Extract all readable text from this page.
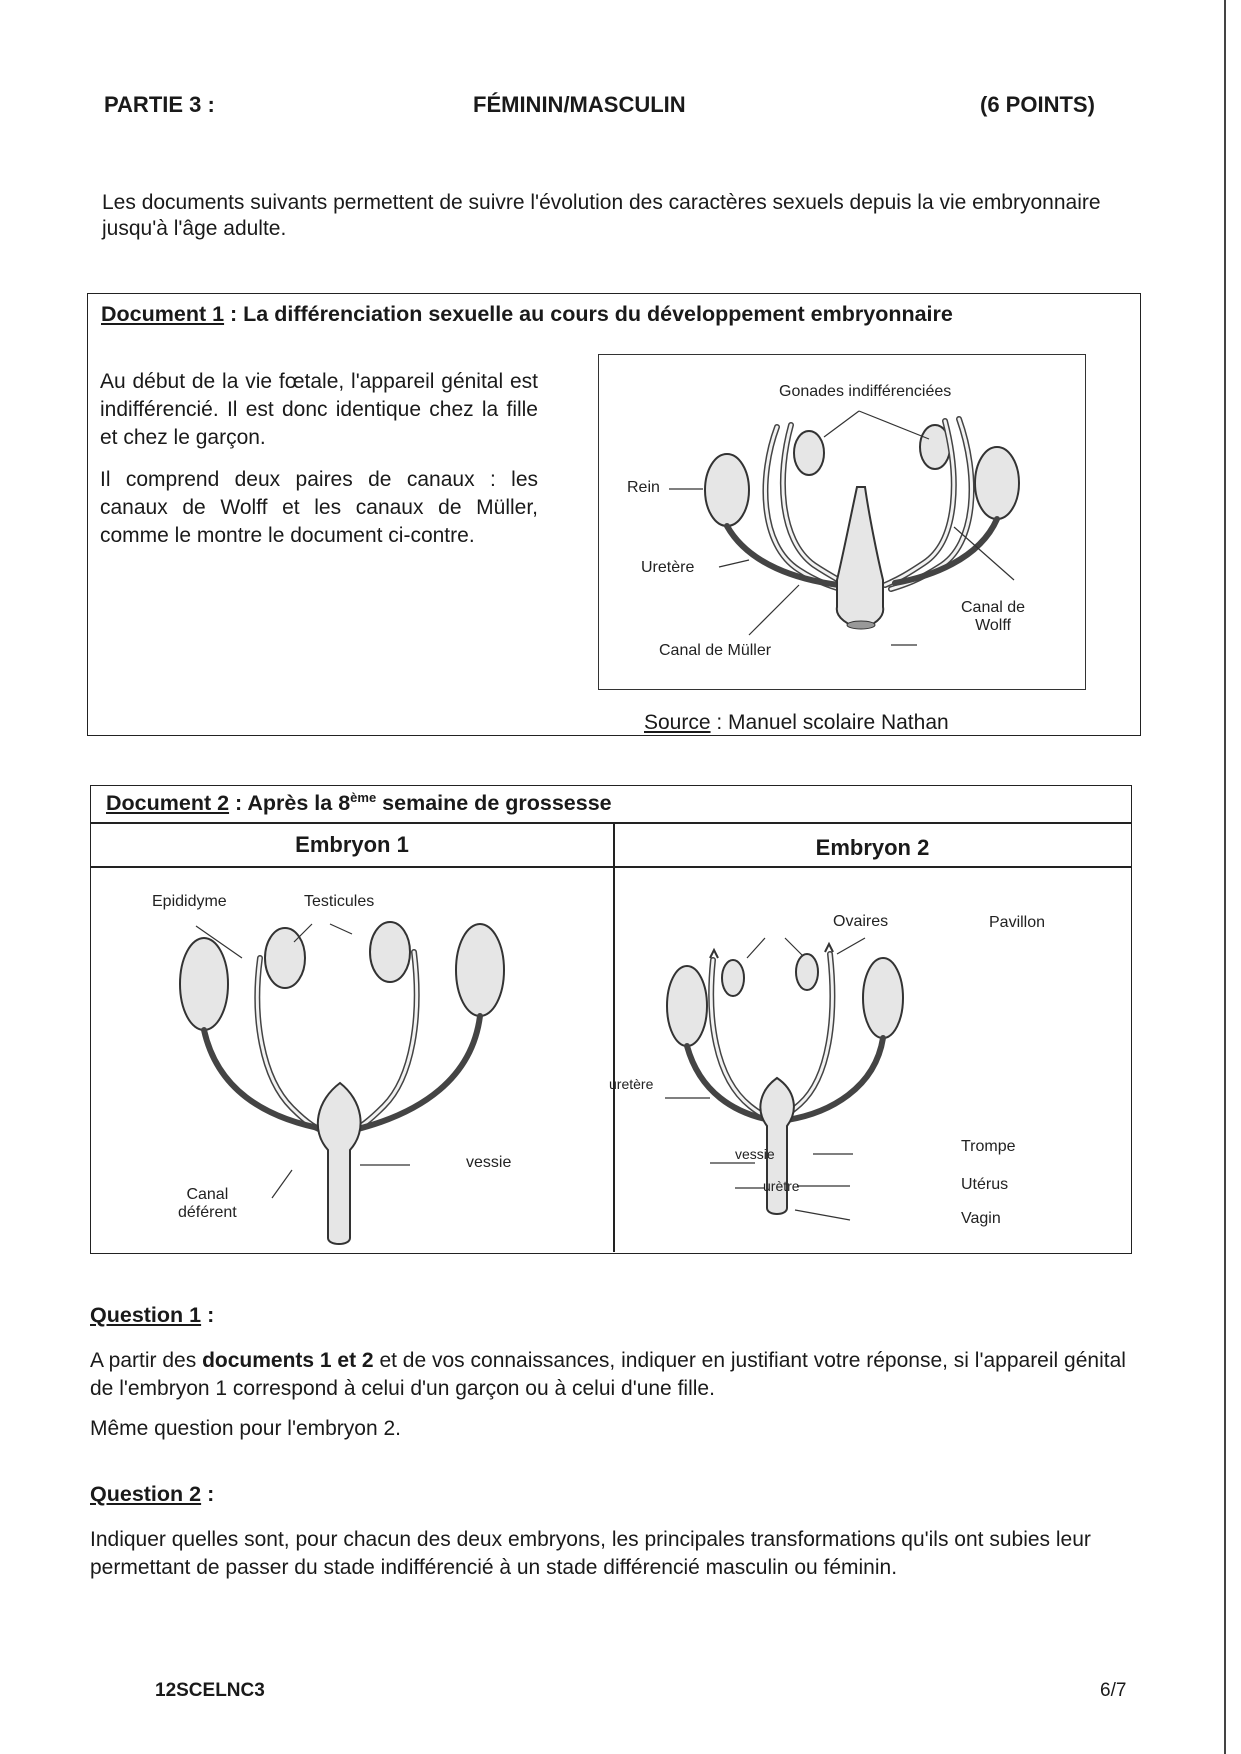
PARTIE 3 :	FÉMININ/MASCULIN	(6 POINTS)
Les documents suivants permettent de suivre l'évolution des caractères sexuels depuis la vie embryonnaire jusqu'à l'âge adulte.
Document 1 : La différenciation sexuelle au cours du développement embryonnaire

Au début de la vie fœtale, l'appareil génital est indifférencié. Il est donc identique chez la fille et chez le garçon.

Il comprend deux paires de canaux : les canaux de Wolff et les canaux de Müller, comme le montre le document ci-contre.

Gonades indifférenciées
Rein
Uretère
Canal de
Wolff
Canal de Müller
Source : Manuel scolaire Nathan
Document 2 : Après la 8ème semaine de grossesse
Embryon 1	Embryon 2
Epididyme	Testicules
vessie
Canal
déférent
Ovaires	Pavillon
uretère
vessie
urètre
Trompe
Utérus
Vagin
Question 1 :
A partir des documents 1 et 2 et de vos connaissances, indiquer en justifiant votre réponse, si l'appareil génital de l'embryon 1 correspond à celui d'un garçon ou à celui d'une fille.
Même question pour l'embryon 2.
Question 2 :
Indiquer quelles sont, pour chacun des deux embryons, les principales transformations qu'ils ont subies leur permettant de passer du stade indifférencié à un stade différencié masculin ou féminin.
12SCELNC3	6/7
